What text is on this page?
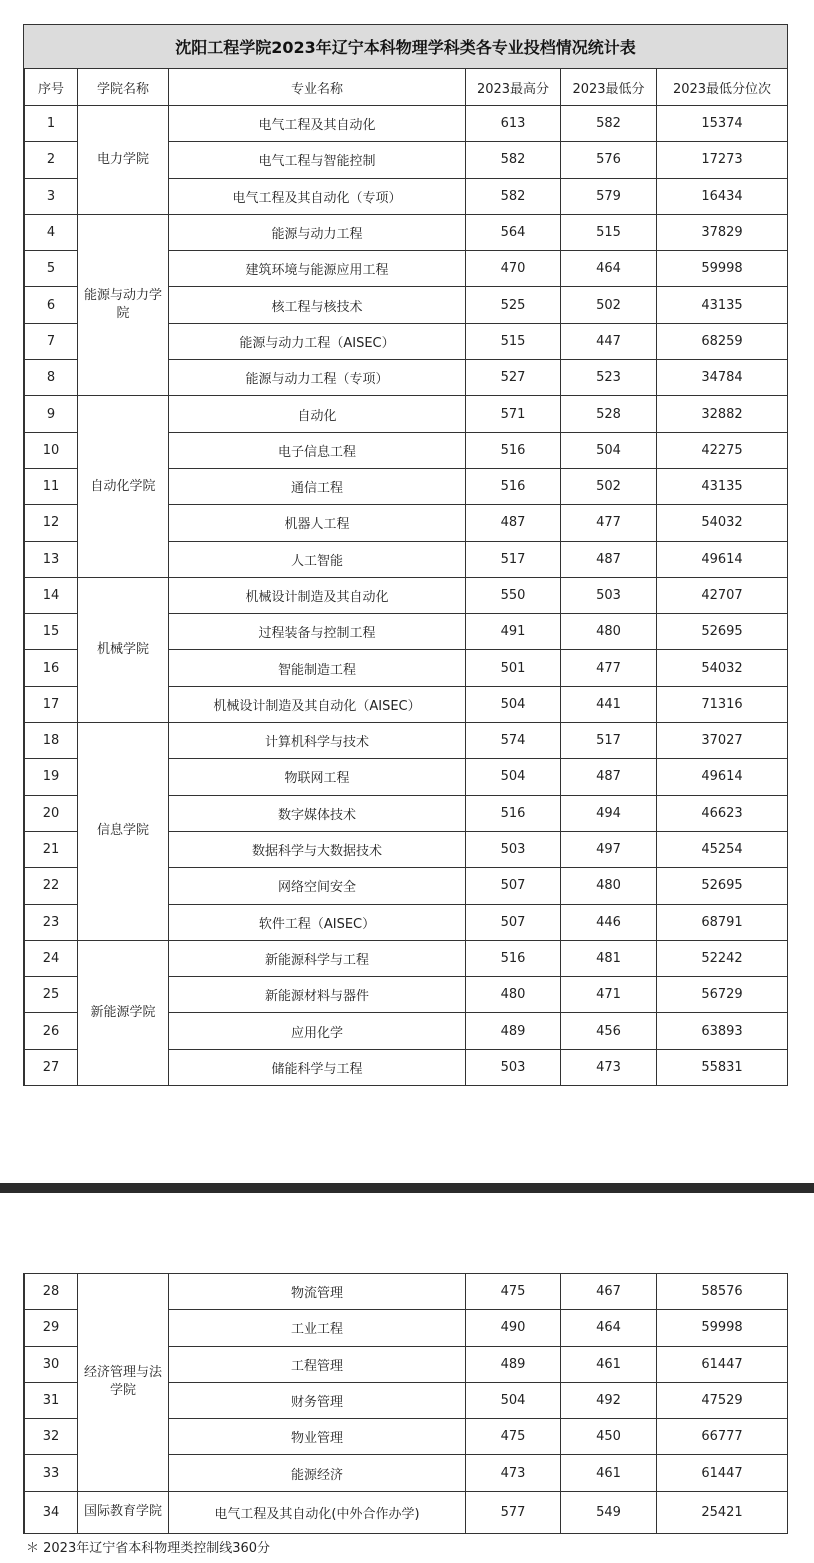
沈阳工程学院2023年辽宁本科物理学科类各专业投档情况统计表
序号	学院名称	专业名称	2023最高分	2023最低分	2023最低分位次
1	电力学院	电气工程及其自动化	613	582	15374
2		电气工程与智能控制	582	576	17273
3		电气工程及其自动化（专项）	582	579	16434
4	能源与动力学院	能源与动力工程	564	515	37829
5		建筑环境与能源应用工程	470	464	59998
6		核工程与核技术	525	502	43135
7		能源与动力工程（AISEC）	515	447	68259
8		能源与动力工程（专项）	527	523	34784
9	自动化学院	自动化	571	528	32882
10		电子信息工程	516	504	42275
11		通信工程	516	502	43135
12		机器人工程	487	477	54032
13		人工智能	517	487	49614
14	机械学院	机械设计制造及其自动化	550	503	42707
15		过程装备与控制工程	491	480	52695
16		智能制造工程	501	477	54032
17		机械设计制造及其自动化（AISEC）	504	441	71316
18	信息学院	计算机科学与技术	574	517	37027
19		物联网工程	504	487	49614
20		数字媒体技术	516	494	46623
21		数据科学与大数据技术	503	497	45254
22		网络空间安全	507	480	52695
23		软件工程（AISEC）	507	446	68791
24	新能源学院	新能源科学与工程	516	481	52242
25		新能源材料与器件	480	471	56729
26		应用化学	489	456	63893
27		储能科学与工程	503	473	55831
28	经济管理与法学院	物流管理	475	467	58576
29		工业工程	490	464	59998
30		工程管理	489	461	61447
31		财务管理	504	492	47529
32		物业管理	475	450	66777
33		能源经济	473	461	61447
34	国际教育学院	电气工程及其自动化(中外合作办学)	577	549	25421
＊ 2023年辽宁省本科物理类控制线360分
